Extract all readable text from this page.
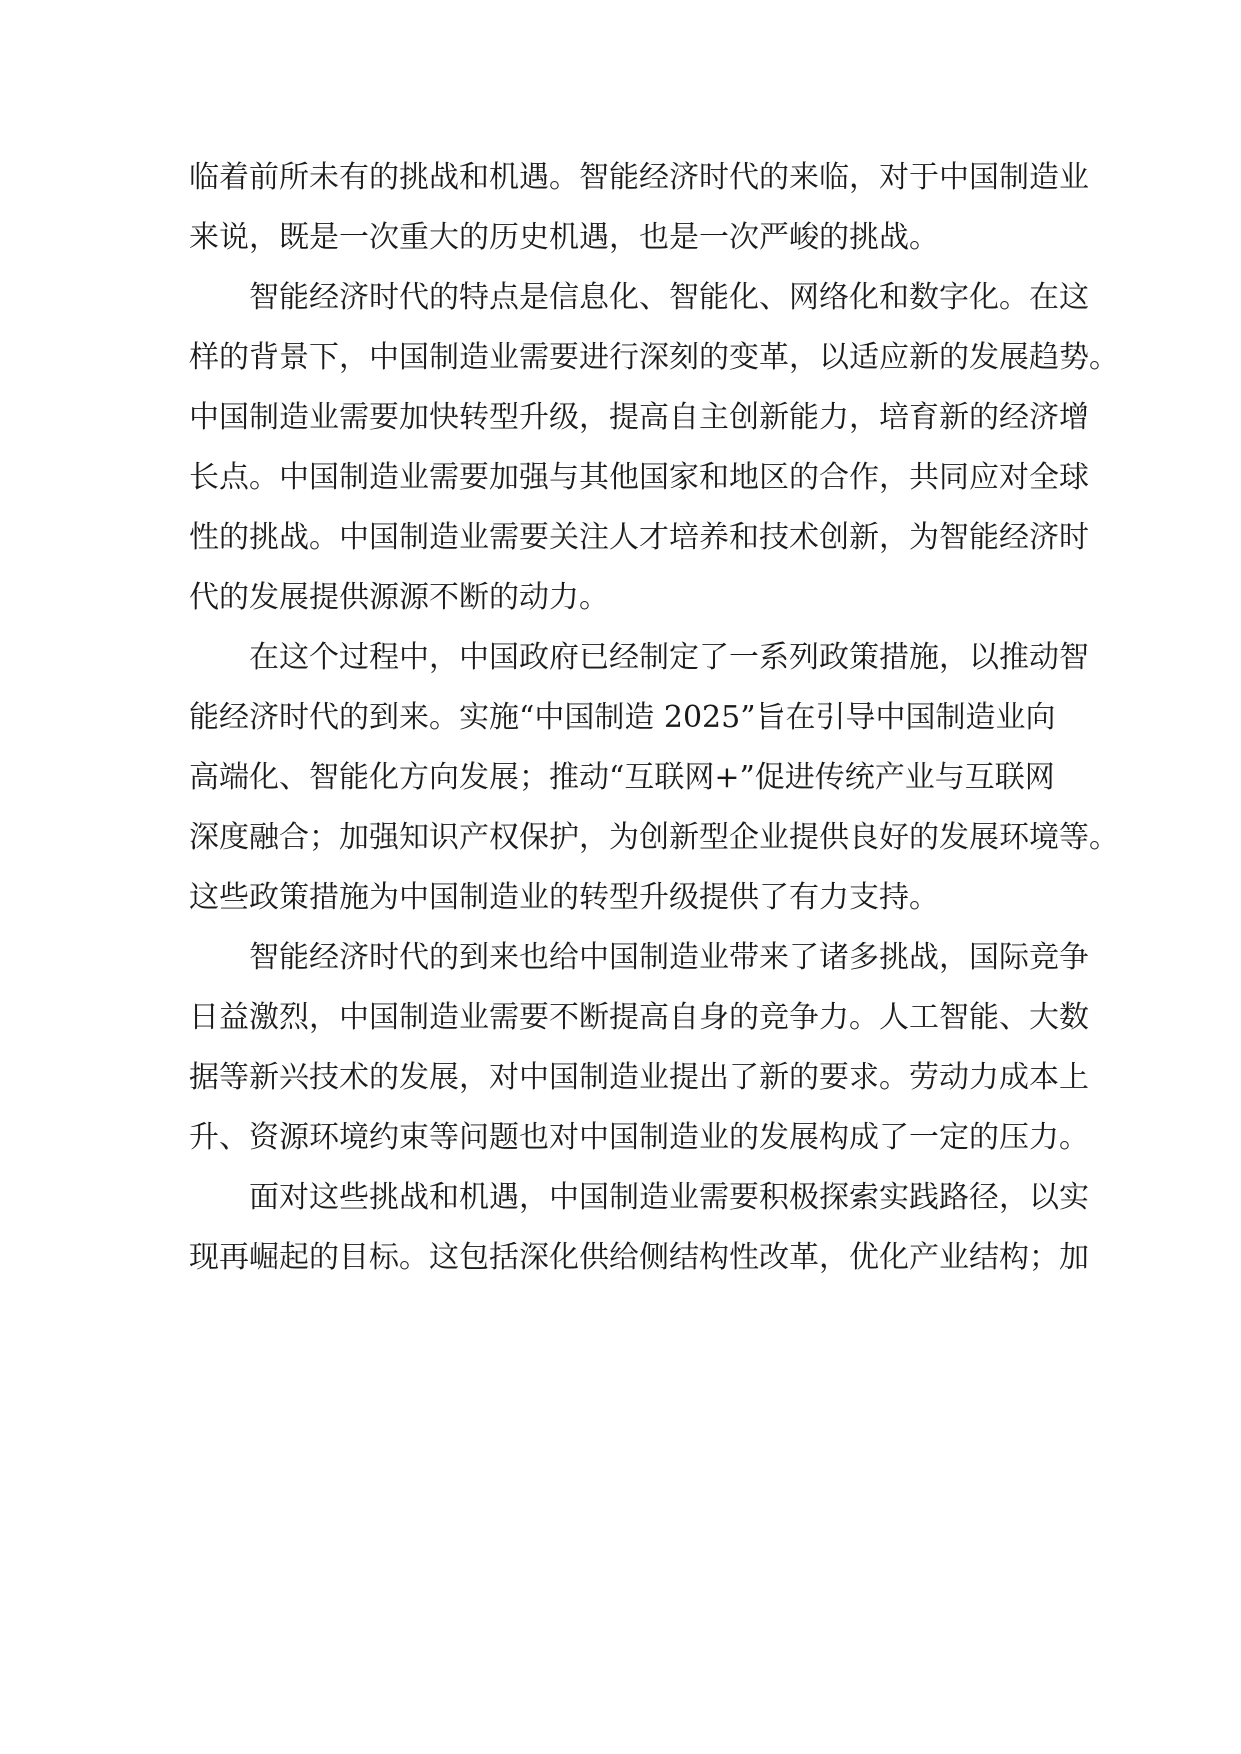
临着前所未有的挑战和机遇。智能经济时代的来临，对于中国制造业
来说，既是一次重大的历史机遇，也是一次严峻的挑战。
智能经济时代的特点是信息化、智能化、网络化和数字化。在这
样的背景下，中国制造业需要进行深刻的变革，以适应新的发展趋势。
中国制造业需要加快转型升级，提高自主创新能力，培育新的经济增
长点。中国制造业需要加强与其他国家和地区的合作，共同应对全球
性的挑战。中国制造业需要关注人才培养和技术创新，为智能经济时
代的发展提供源源不断的动力。
在这个过程中，中国政府已经制定了一系列政策措施，以推动智
能经济时代的到来。实施“中国制造 2025”旨在引导中国制造业向
高端化、智能化方向发展；推动“互联网+”促进传统产业与互联网
深度融合；加强知识产权保护，为创新型企业提供良好的发展环境等。
这些政策措施为中国制造业的转型升级提供了有力支持。
智能经济时代的到来也给中国制造业带来了诸多挑战，国际竞争
日益激烈，中国制造业需要不断提高自身的竞争力。人工智能、大数
据等新兴技术的发展，对中国制造业提出了新的要求。劳动力成本上
升、资源环境约束等问题也对中国制造业的发展构成了一定的压力。
面对这些挑战和机遇，中国制造业需要积极探索实践路径，以实
现再崛起的目标。这包括深化供给侧结构性改革，优化产业结构；加
